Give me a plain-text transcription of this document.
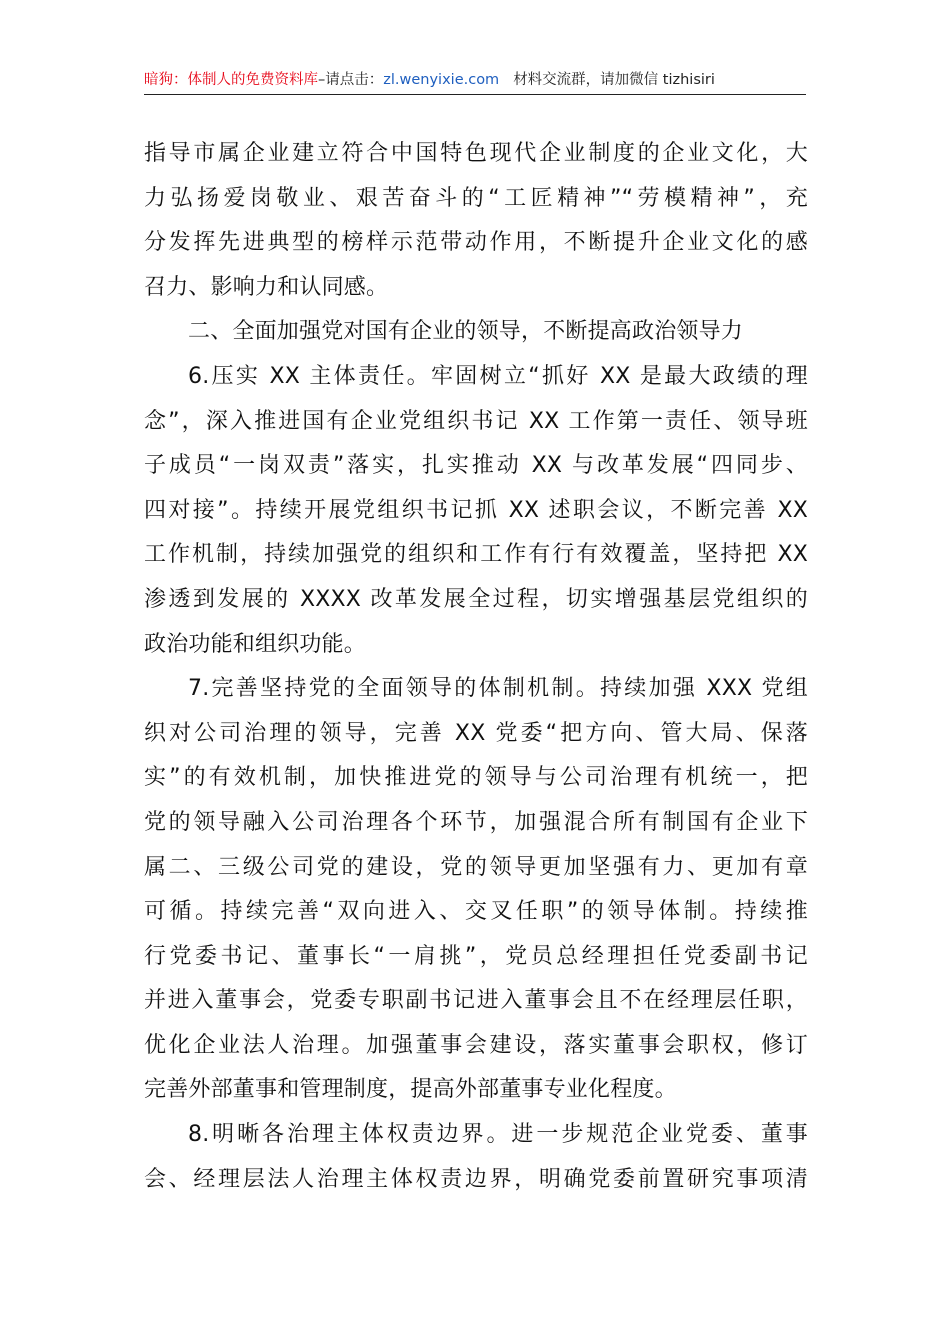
暗狗：体制人的免费资料库–请点击：zl.wenyixie.com 材料交流群，请加微信 tizhisiri
指导市属企业建立符合中国特色现代企业制度的企业文化，大
力弘扬爱岗敬业、艰苦奋斗的“工匠精神”“劳模精神”，充
分发挥先进典型的榜样示范带动作用，不断提升企业文化的感
召力、影响力和认同感。
二、全面加强党对国有企业的领导，不断提高政治领导力
6.压实 XX 主体责任。牢固树立“抓好 XX 是最大政绩的理
念”，深入推进国有企业党组织书记 XX 工作第一责任、领导班
子成员“一岗双责”落实，扎实推动 XX 与改革发展“四同步、
四对接”。持续开展党组织书记抓 XX 述职会议，不断完善 XX
工作机制，持续加强党的组织和工作有行有效覆盖，坚持把 XX
渗透到发展的 XXXX 改革发展全过程，切实增强基层党组织的
政治功能和组织功能。
7.完善坚持党的全面领导的体制机制。持续加强 XXX 党组
织对公司治理的领导，完善 XX 党委“把方向、管大局、保落
实”的有效机制，加快推进党的领导与公司治理有机统一，把
党的领导融入公司治理各个环节，加强混合所有制国有企业下
属二、三级公司党的建设，党的领导更加坚强有力、更加有章
可循。持续完善“双向进入、交叉任职”的领导体制。持续推
行党委书记、董事长“一肩挑”，党员总经理担任党委副书记
并进入董事会，党委专职副书记进入董事会且不在经理层任职，
优化企业法人治理。加强董事会建设，落实董事会职权，修订
完善外部董事和管理制度，提高外部董事专业化程度。
8.明晰各治理主体权责边界。进一步规范企业党委、董事
会、经理层法人治理主体权责边界，明确党委前置研究事项清
